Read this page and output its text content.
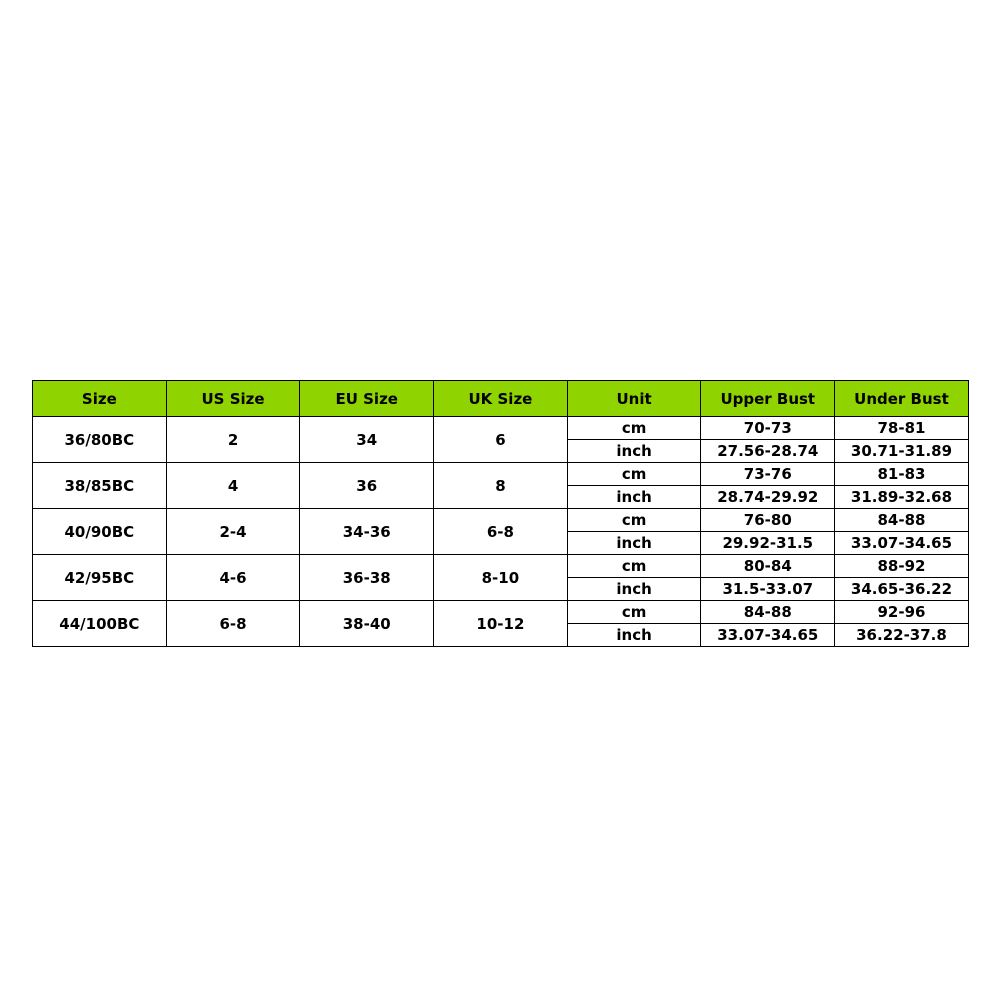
Size	US Size	EU Size	UK Size	Unit	Upper Bust	Under Bust
36/80BC	2	34	6	cm	70-73	78-81
				inch	27.56-28.74	30.71-31.89
38/85BC	4	36	8	cm	73-76	81-83
				inch	28.74-29.92	31.89-32.68
40/90BC	2-4	34-36	6-8	cm	76-80	84-88
				inch	29.92-31.5	33.07-34.65
42/95BC	4-6	36-38	8-10	cm	80-84	88-92
				inch	31.5-33.07	34.65-36.22
44/100BC	6-8	38-40	10-12	cm	84-88	92-96
				inch	33.07-34.65	36.22-37.8
